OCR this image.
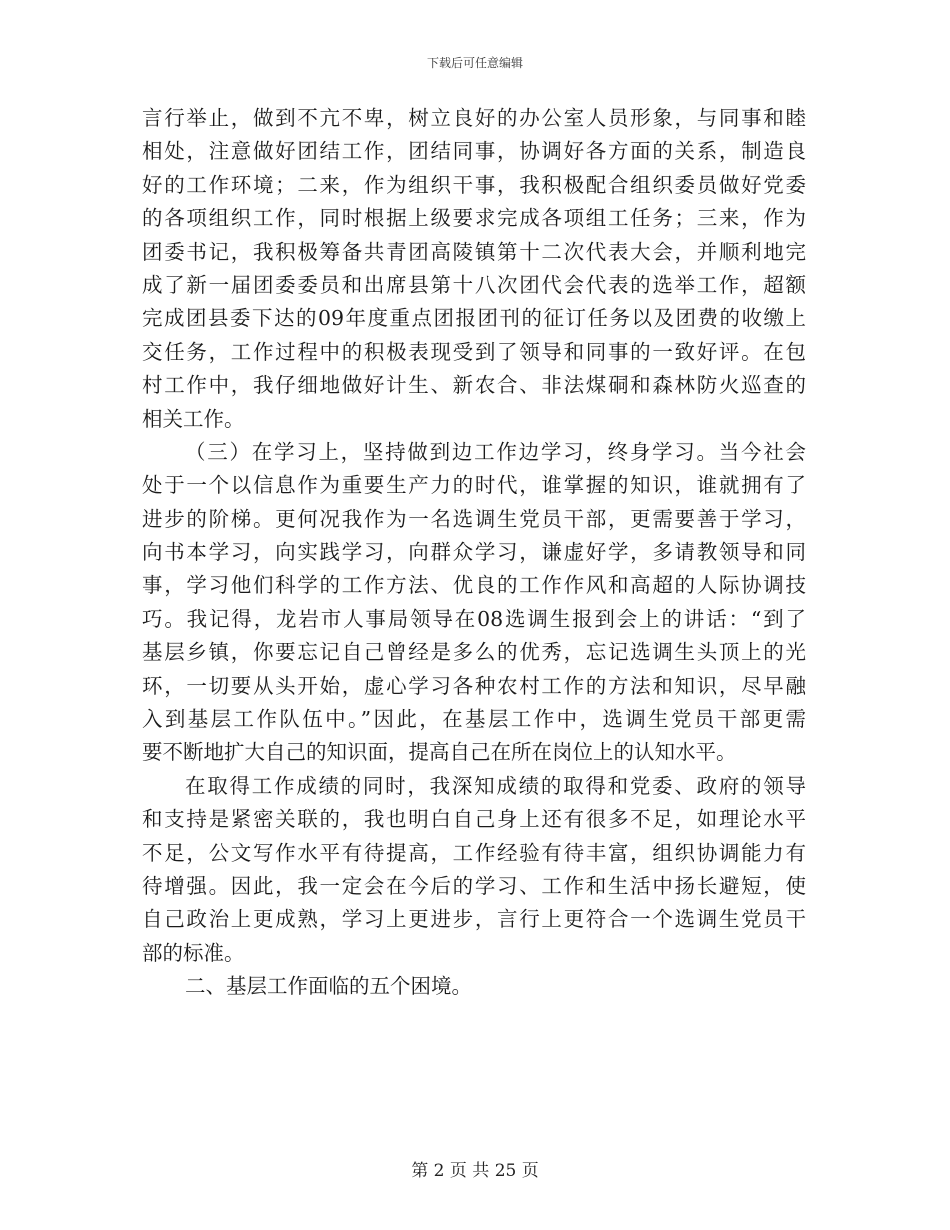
下载后可任意编辑
言行举止，做到不亢不卑，树立良好的办公室人员形象，与同事和睦
相处，注意做好团结工作，团结同事，协调好各方面的关系，制造良
好的工作环境；二来，作为组织干事，我积极配合组织委员做好党委
的各项组织工作，同时根据上级要求完成各项组工任务；三来，作为
团委书记，我积极筹备共青团高陵镇第十二次代表大会，并顺利地完
成了新一届团委委员和出席县第十八次团代会代表的选举工作，超额
完成团县委下达的09年度重点团报团刊的征订任务以及团费的收缴上
交任务，工作过程中的积极表现受到了领导和同事的一致好评。在包
村工作中，我仔细地做好计生、新农合、非法煤硐和森林防火巡查的
相关工作。
（三）在学习上，坚持做到边工作边学习，终身学习。当今社会
处于一个以信息作为重要生产力的时代，谁掌握的知识，谁就拥有了
进步的阶梯。更何况我作为一名选调生党员干部，更需要善于学习，
向书本学习，向实践学习，向群众学习，谦虚好学，多请教领导和同
事，学习他们科学的工作方法、优良的工作作风和高超的人际协调技
巧。我记得，龙岩市人事局领导在08选调生报到会上的讲话：“到了
基层乡镇，你要忘记自己曾经是多么的优秀，忘记选调生头顶上的光
环，一切要从头开始，虚心学习各种农村工作的方法和知识，尽早融
入到基层工作队伍中。”因此，在基层工作中，选调生党员干部更需
要不断地扩大自己的知识面，提高自己在所在岗位上的认知水平。
在取得工作成绩的同时，我深知成绩的取得和党委、政府的领导
和支持是紧密关联的，我也明白自己身上还有很多不足，如理论水平
不足，公文写作水平有待提高，工作经验有待丰富，组织协调能力有
待增强。因此，我一定会在今后的学习、工作和生活中扬长避短，使
自己政治上更成熟，学习上更进步，言行上更符合一个选调生党员干
部的标准。
二、基层工作面临的五个困境。
第 2 页 共 25 页
